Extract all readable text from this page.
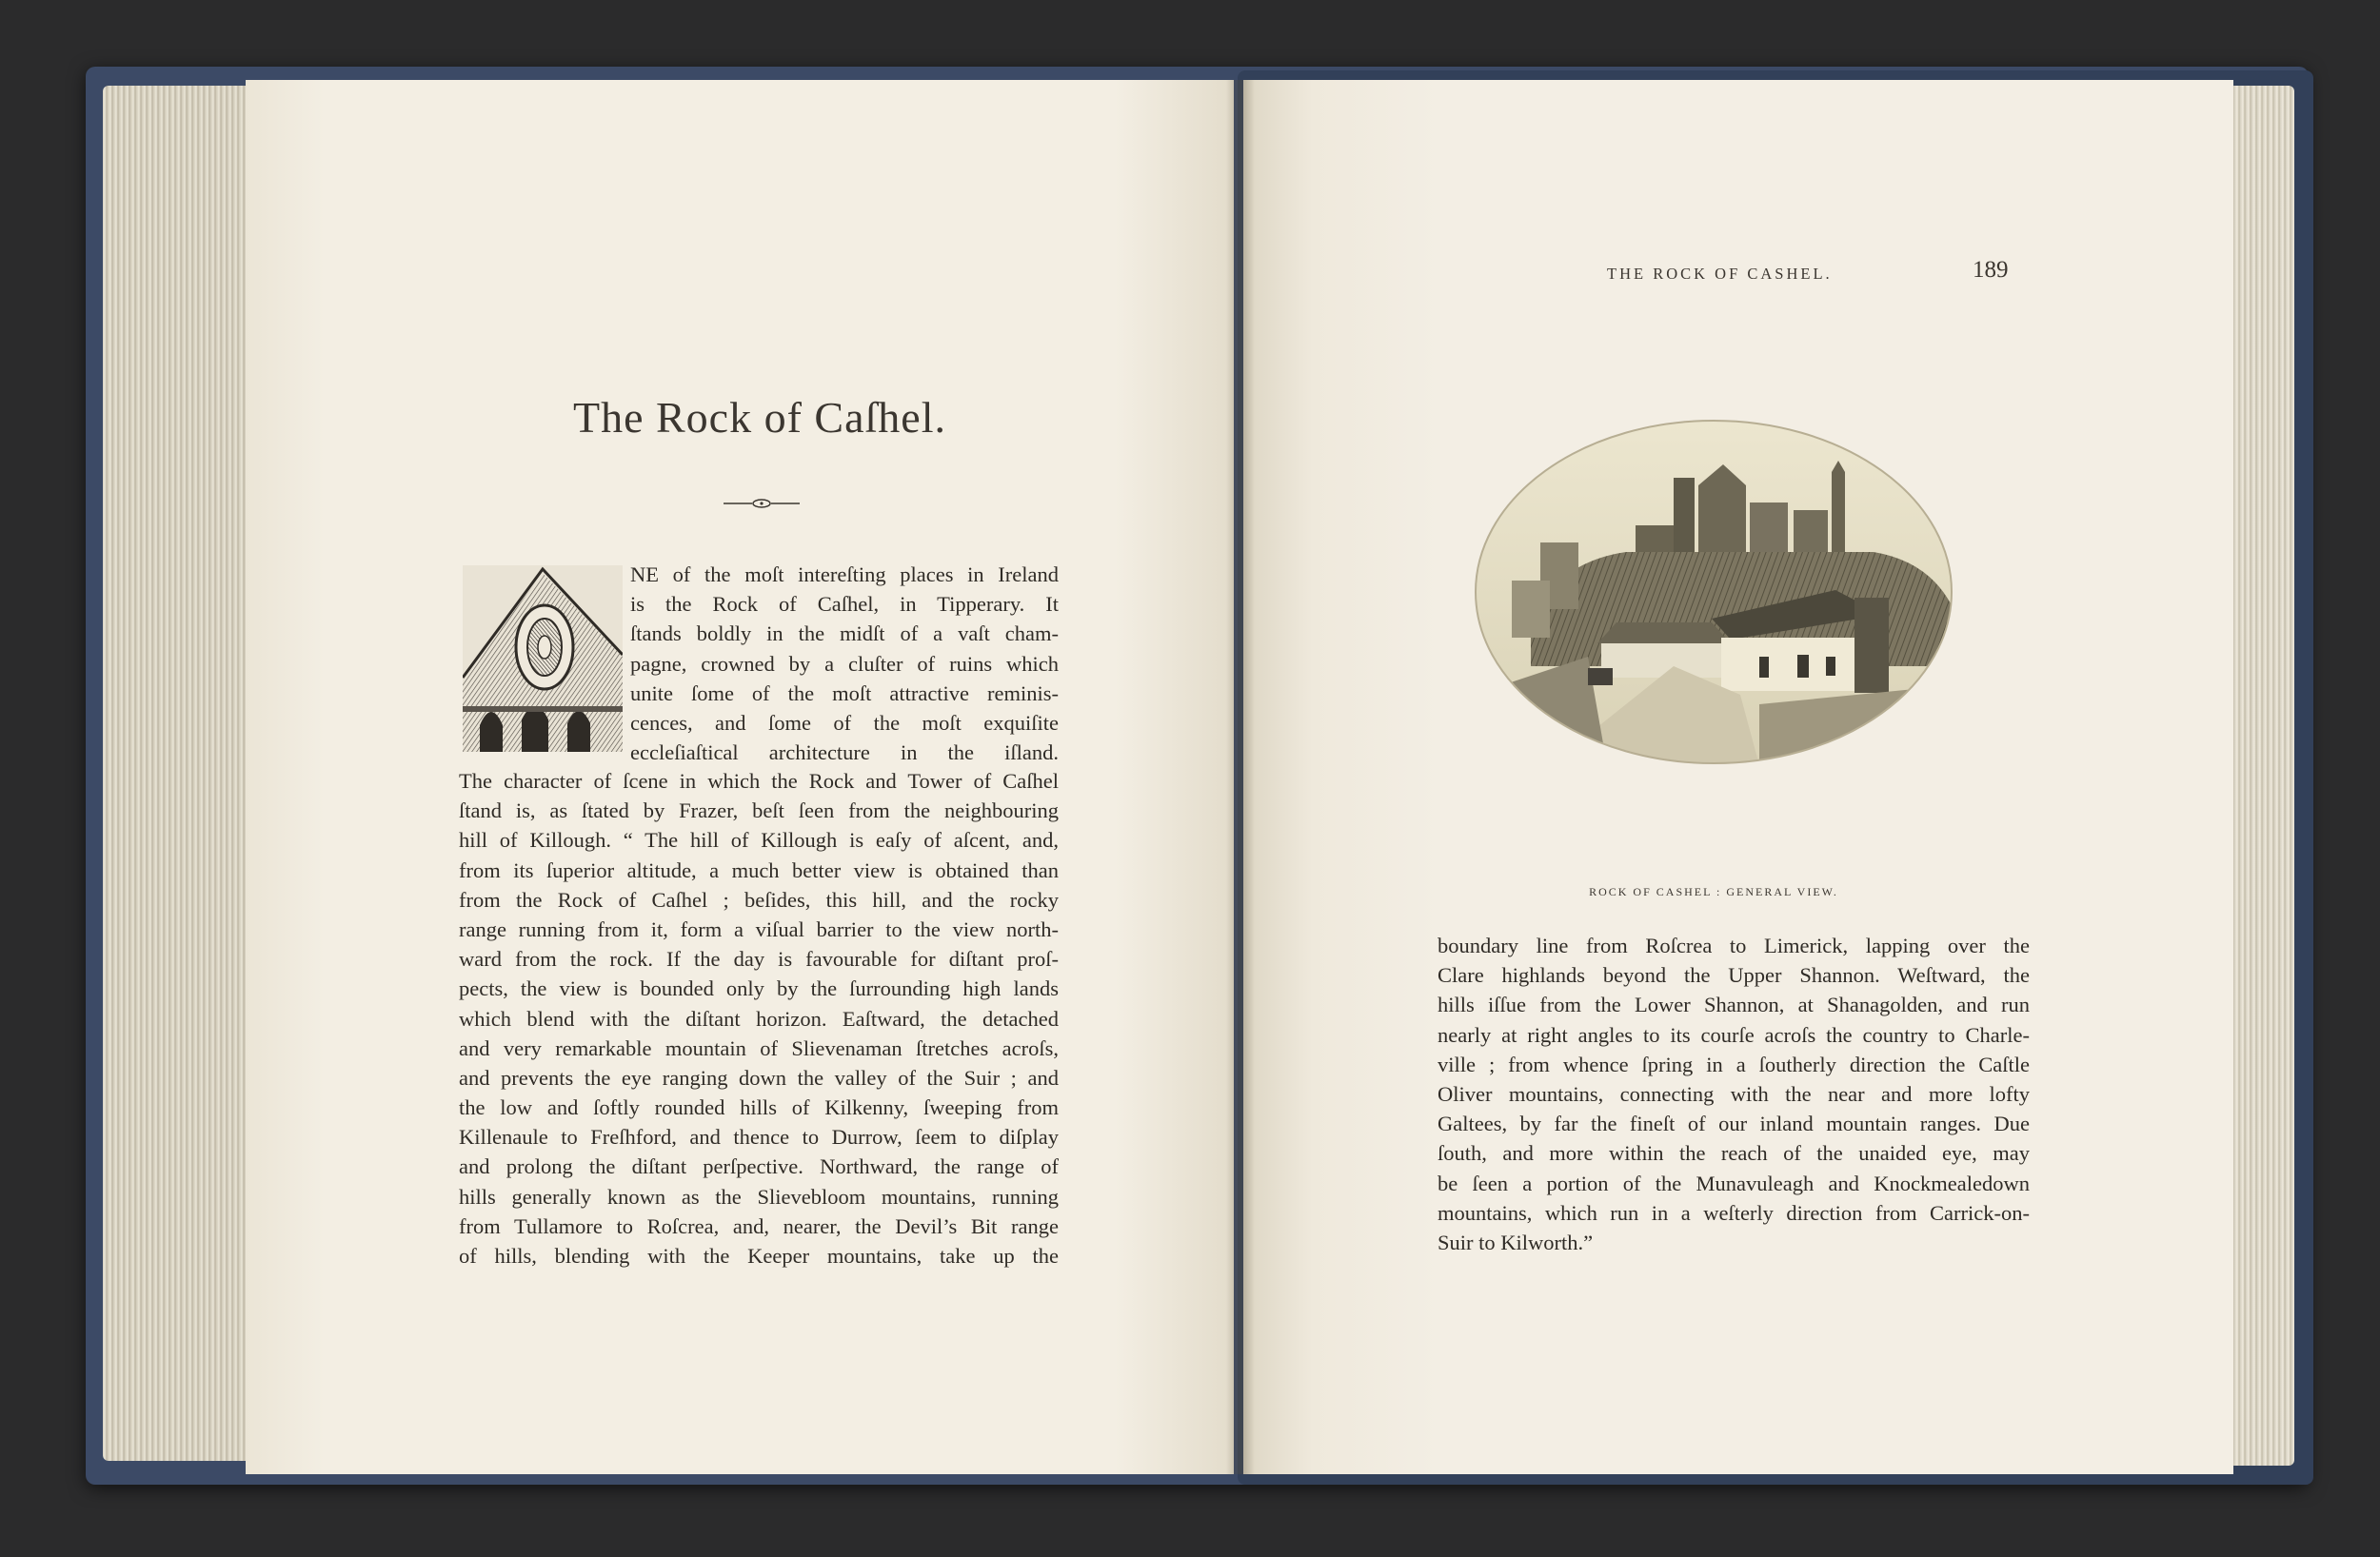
The Rock of Caſhel.
NE of the moſt intereſting places in Ireland
is the Rock of Caſhel, in Tipperary. It
ſtands boldly in the midſt of a vaſt cham-
pagne, crowned by a cluſter of ruins which
unite ſome of the moſt attractive reminis-
cences, and ſome of the moſt exquiſite
eccleſiaſtical architecture in the iſland.
The character of ſcene in which the Rock and Tower of Caſhel
ſtand is, as ſtated by Frazer, beſt ſeen from the neighbouring
hill of Killough. “ The hill of Killough is eaſy of aſcent, and,
from its ſuperior altitude, a much better view is obtained than
from the Rock of Caſhel ; beſides, this hill, and the rocky
range running from it, form a viſual barrier to the view north-
ward from the rock. If the day is favourable for diſtant proſ-
pects, the view is bounded only by the ſurrounding high lands
which blend with the diſtant horizon. Eaſtward, the detached
and very remarkable mountain of Slievenaman ſtretches acroſs,
and prevents the eye ranging down the valley of the Suir ; and
the low and ſoftly rounded hills of Kilkenny, ſweeping from
Killenaule to Freſhford, and thence to Durrow, ſeem to diſplay
and prolong the diſtant perſpective. Northward, the range of
hills generally known as the Slievebloom mountains, running
from Tullamore to Roſcrea, and, nearer, the Devil’s Bit range
of hills, blending with the Keeper mountains, take up the
THE ROCK OF CASHEL.	189
ROCK OF CASHEL : GENERAL VIEW.
boundary line from Roſcrea to Limerick, lapping over the
Clare highlands beyond the Upper Shannon. Weſtward, the
hills iſſue from the Lower Shannon, at Shanagolden, and run
nearly at right angles to its courſe acroſs the country to Charle-
ville ; from whence ſpring in a ſoutherly direction the Caſtle
Oliver mountains, connecting with the near and more lofty
Galtees, by far the fineſt of our inland mountain ranges. Due
ſouth, and more within the reach of the unaided eye, may
be ſeen a portion of the Munavuleagh and Knockmealedown
mountains, which run in a weſterly direction from Carrick-on-
Suir to Kilworth.”
